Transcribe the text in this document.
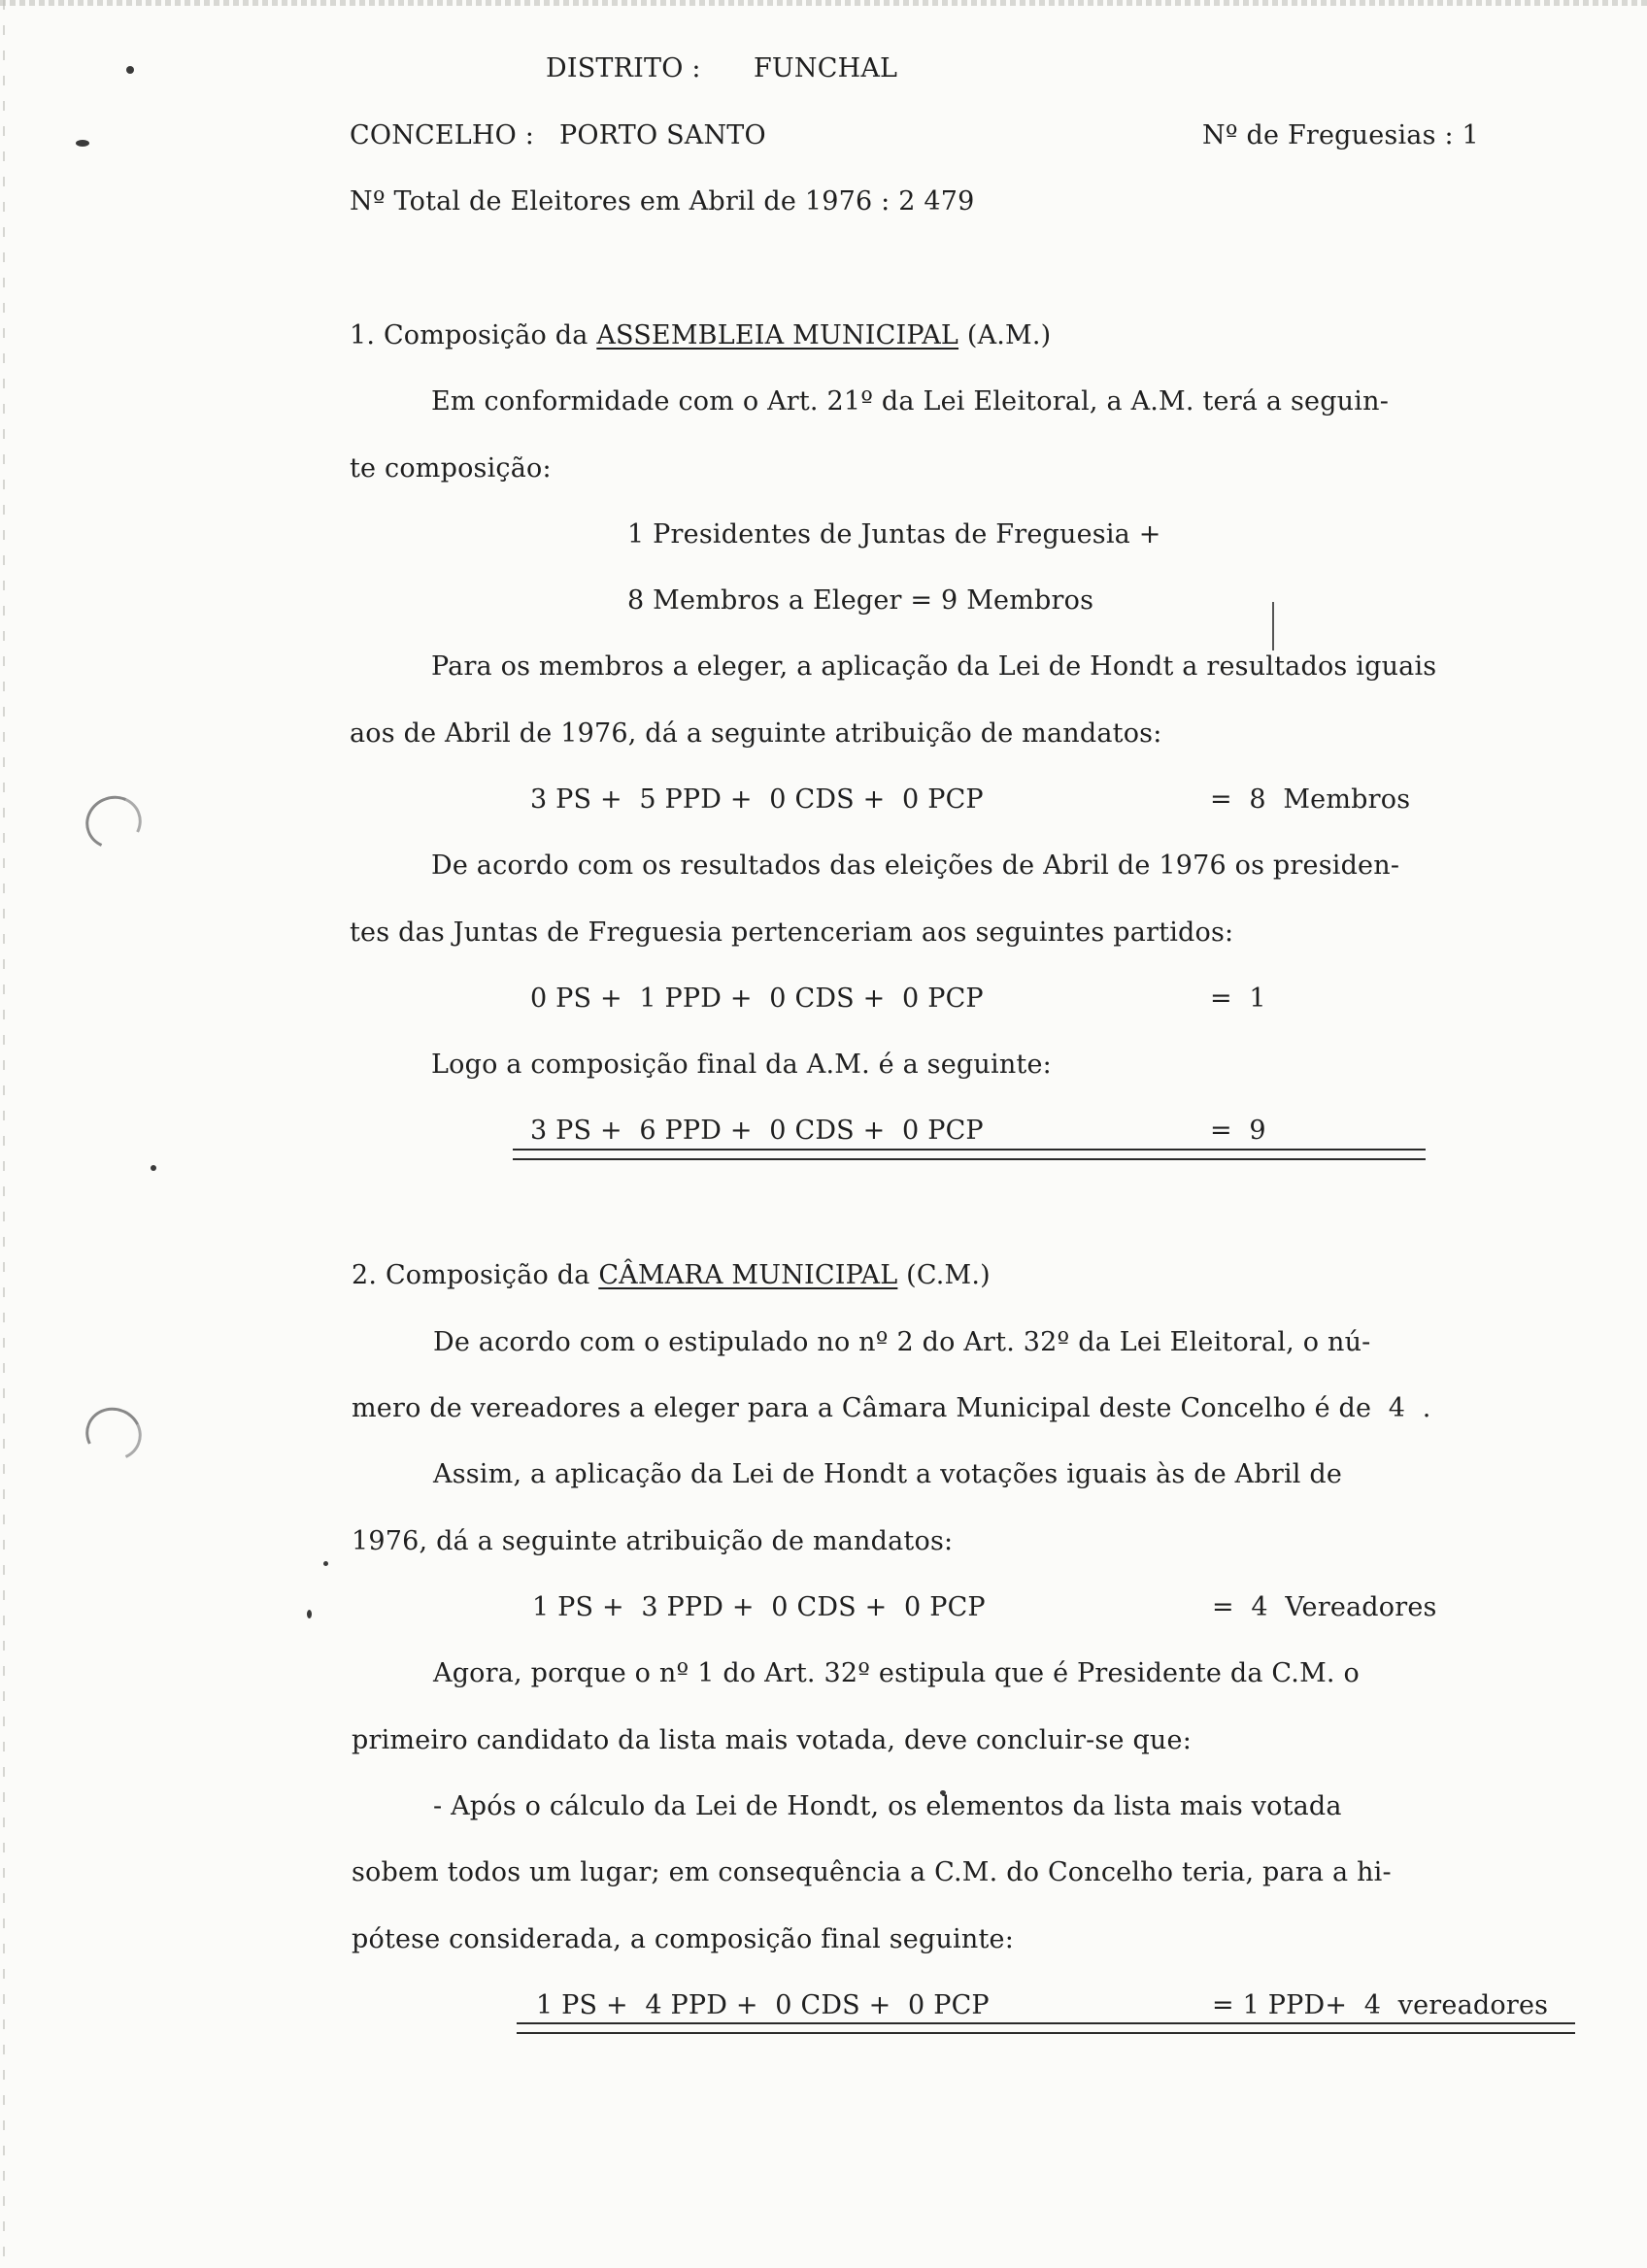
DISTRITO : FUNCHAL
CONCELHO : PORTO SANTO	Nº de Freguesias : 1
Nº Total de Eleitores em Abril de 1976 : 2 479
1. Composição da ASSEMBLEIA MUNICIPAL (A.M.)
Em conformidade com o Art. 21º da Lei Eleitoral, a A.M. terá a seguin-
te composição:
1 Presidentes de Juntas de Freguesia +
8 Membros a Eleger = 9 Membros
Para os membros a eleger, a aplicação da Lei de Hondt a resultados iguais
aos de Abril de 1976, dá a seguinte atribuição de mandatos:
3 PS +  5 PPD +  0 CDS +  0 PCP	=  8  Membros
De acordo com os resultados das eleições de Abril de 1976 os presiden-
tes das Juntas de Freguesia pertenceriam aos seguintes partidos:
0 PS +  1 PPD +  0 CDS +  0 PCP	=  1
Logo a composição final da A.M. é a seguinte:
3 PS +  6 PPD +  0 CDS +  0 PCP	=  9
2. Composição da CÂMARA MUNICIPAL (C.M.)
De acordo com o estipulado no nº 2 do Art. 32º da Lei Eleitoral, o nú-
mero de vereadores a eleger para a Câmara Municipal deste Concelho é de  4  .
Assim, a aplicação da Lei de Hondt a votações iguais às de Abril de
1976, dá a seguinte atribuição de mandatos:
1 PS +  3 PPD +  0 CDS +  0 PCP	=  4  Vereadores
Agora, porque o nº 1 do Art. 32º estipula que é Presidente da C.M. o
primeiro candidato da lista mais votada, deve concluir-se que:
- Após o cálculo da Lei de Hondt, os elementos da lista mais votada
sobem todos um lugar; em consequência a C.M. do Concelho teria, para a hi-
pótese considerada, a composição final seguinte:
1 PS +  4 PPD +  0 CDS +  0 PCP	= 1 PPD+  4  vereadores
